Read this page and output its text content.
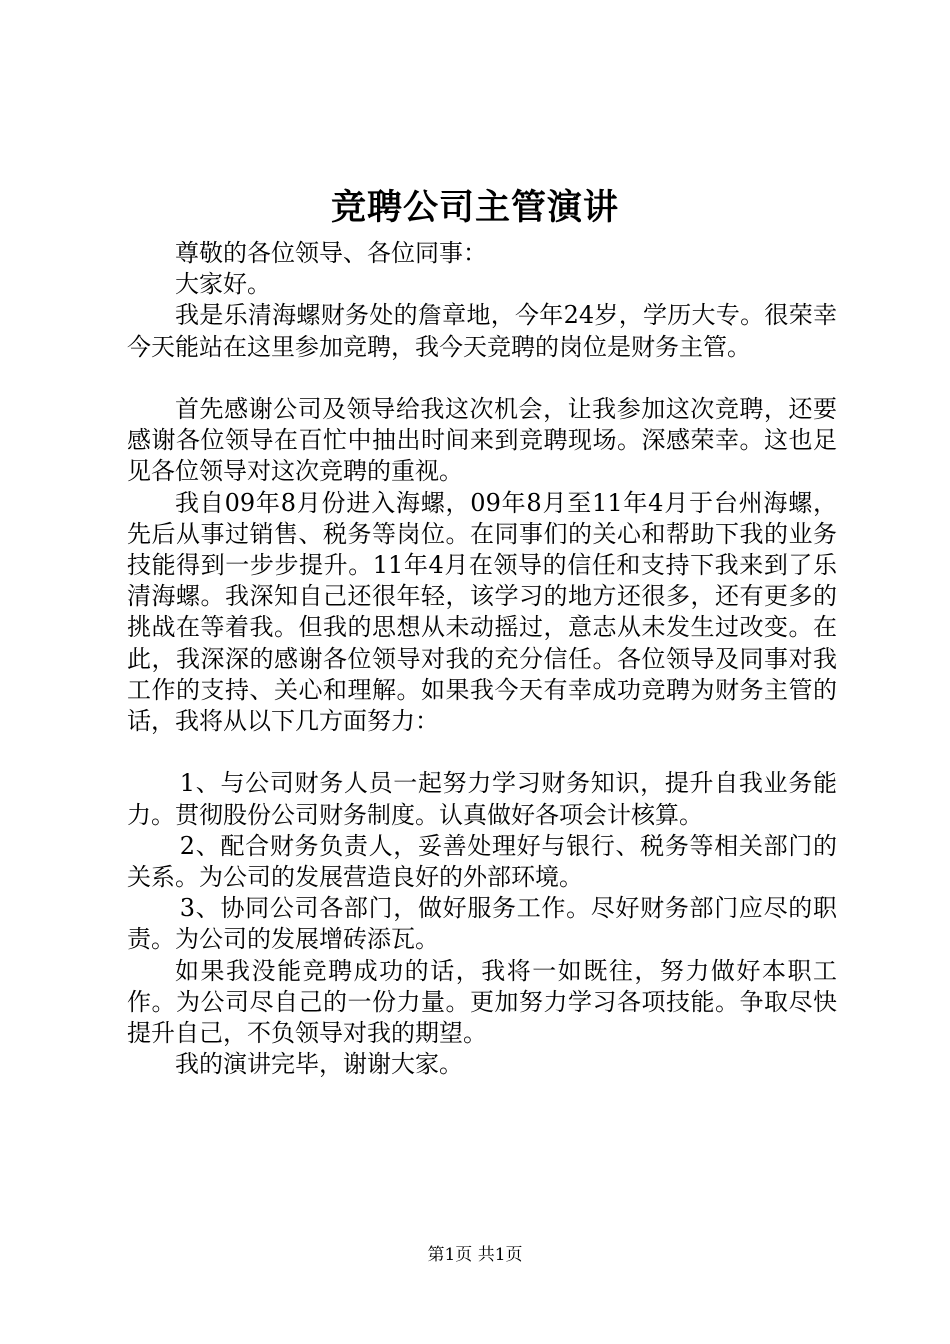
竞聘公司主管演讲

尊敬的各位领导、各位同事：

大家好。

我是乐清海螺财务处的詹章地，今年24岁，学历大专。很荣幸今天能站在这里参加竞聘，我今天竞聘的岗位是财务主管。

首先感谢公司及领导给我这次机会，让我参加这次竞聘，还要感谢各位领导在百忙中抽出时间来到竞聘现场。深感荣幸。这也足见各位领导对这次竞聘的重视。

我自09年8月份进入海螺，09年8月至11年4月于台州海螺，先后从事过销售、税务等岗位。在同事们的关心和帮助下我的业务技能得到一步步提升。11年4月在领导的信任和支持下我来到了乐清海螺。我深知自己还很年轻，该学习的地方还很多，还有更多的挑战在等着我。但我的思想从未动摇过，意志从未发生过改变。在此，我深深的感谢各位领导对我的充分信任。各位领导及同事对我工作的支持、关心和理解。如果我今天有幸成功竞聘为财务主管的话，我将从以下几方面努力：

1、与公司财务人员一起努力学习财务知识，提升自我业务能力。贯彻股份公司财务制度。认真做好各项会计核算。

2、配合财务负责人，妥善处理好与银行、税务等相关部门的关系。为公司的发展营造良好的外部环境。

3、协同公司各部门，做好服务工作。尽好财务部门应尽的职责。为公司的发展增砖添瓦。

如果我没能竞聘成功的话，我将一如既往，努力做好本职工作。为公司尽自己的一份力量。更加努力学习各项技能。争取尽快提升自己，不负领导对我的期望。

我的演讲完毕，谢谢大家。

第1页 共1页
